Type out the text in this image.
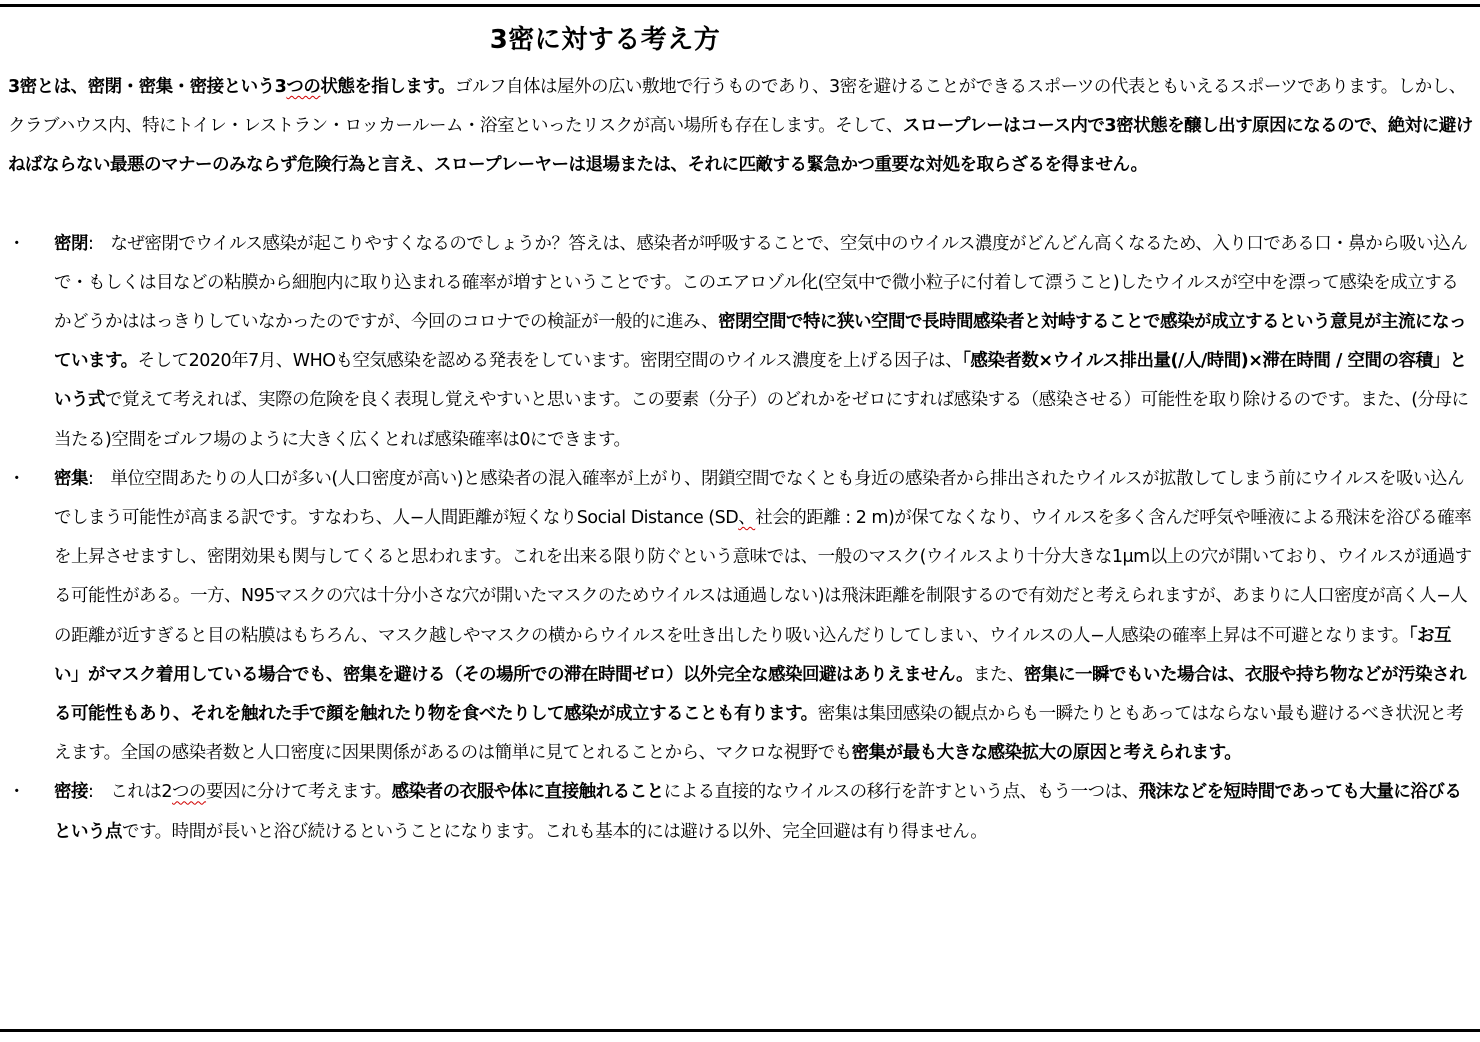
3密に対する考え方

3密とは、密閉・密集・密接という3つの状態を指します。ゴルフ自体は屋外の広い敷地で行うものであり、3密を避けることができるスポーツの代表ともいえるスポーツであります。しかし、クラブハウス内、特にトイレ・レストラン・ロッカールーム・浴室といったリスクが高い場所も存在します。そして、スロープレーはコース内で3密状態を醸し出す原因になるので、絶対に避けねばならない最悪のマナーのみならず危険行為と言え、スロープレーヤーは退場または、それに匹敵する緊急かつ重要な対処を取らざるを得ません。

・ 密閉:　なぜ密閉でウイルス感染が起こりやすくなるのでしょうか？答えは、感染者が呼吸することで、空気中のウイルス濃度がどんどん高くなるため、入り口である口・鼻から吸い込んで・もしくは目などの粘膜から細胞内に取り込まれる確率が増すということです。このエアロゾル化(空気中で微小粒子に付着して漂うこと)したウイルスが空中を漂って感染を成立するかどうかははっきりしていなかったのですが、今回のコロナでの検証が一般的に進み、密閉空間で特に狭い空間で長時間感染者と対峙することで感染が成立するという意見が主流になっています。そして2020年7月、WHOも空気感染を認める発表をしています。密閉空間のウイルス濃度を上げる因子は、「感染者数×ウイルス排出量(/人/時間)×滞在時間 / 空間の容積」という式で覚えて考えれば、実際の危険を良く表現し覚えやすいと思います。この要素（分子）のどれかをゼロにすれば感染する（感染させる）可能性を取り除けるのです。また、(分母に当たる)空間をゴルフ場のように大きく広くとれば感染確率は0にできます。

・ 密集:　単位空間あたりの人口が多い(人口密度が高い)と感染者の混入確率が上がり、閉鎖空間でなくとも身近の感染者から排出されたウイルスが拡散してしまう前にウイルスを吸い込んでしまう可能性が高まる訳です。すなわち、人−人間距離が短くなりSocial Distance (SD、社会的距離 : 2 m)が保てなくなり、ウイルスを多く含んだ呼気や唾液による飛沫を浴びる確率を上昇させますし、密閉効果も関与してくると思われます。これを出来る限り防ぐという意味では、一般のマスク(ウイルスより十分大きな1μm以上の穴が開いており、ウイルスが通過する可能性がある。一方、N95マスクの穴は十分小さな穴が開いたマスクのためウイルスは通過しない)は飛沫距離を制限するので有効だと考えられますが、あまりに人口密度が高く人−人の距離が近すぎると目の粘膜はもちろん、マスク越しやマスクの横からウイルスを吐き出したり吸い込んだりしてしまい、ウイルスの人−人感染の確率上昇は不可避となります。「お互い」がマスク着用している場合でも、密集を避ける（その場所での滞在時間ゼロ）以外完全な感染回避はありえません。また、密集に一瞬でもいた場合は、衣服や持ち物などが汚染される可能性もあり、それを触れた手で顔を触れたり物を食べたりして感染が成立することも有ります。密集は集団感染の観点からも一瞬たりともあってはならない最も避けるべき状況と考えます。全国の感染者数と人口密度に因果関係があるのは簡単に見てとれることから、マクロな視野でも密集が最も大きな感染拡大の原因と考えられます。

・ 密接:　これは2つの要因に分けて考えます。感染者の衣服や体に直接触れることによる直接的なウイルスの移行を許すという点、もう一つは、飛沫などを短時間であっても大量に浴びるという点です。時間が長いと浴び続けるということになります。これも基本的には避ける以外、完全回避は有り得ません。
